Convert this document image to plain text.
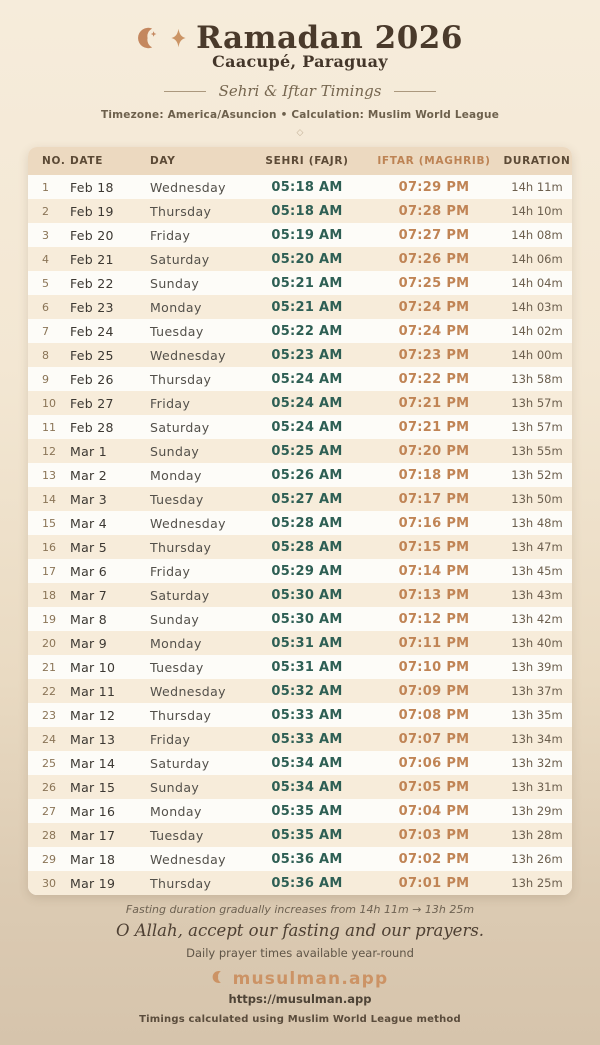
Ramadan 2026
Caacupé, Paraguay
Sehri & Iftar Timings
Timezone: America/Asuncion • Calculation: Muslim World League
◇
NO.	DATE	DAY	SEHRI (FAJR)	IFTAR (MAGHRIB)	DURATION
1	Feb 18	Wednesday	05:18 AM	07:29 PM	14h 11m
2	Feb 19	Thursday	05:18 AM	07:28 PM	14h 10m
3	Feb 20	Friday	05:19 AM	07:27 PM	14h 08m
4	Feb 21	Saturday	05:20 AM	07:26 PM	14h 06m
5	Feb 22	Sunday	05:21 AM	07:25 PM	14h 04m
6	Feb 23	Monday	05:21 AM	07:24 PM	14h 03m
7	Feb 24	Tuesday	05:22 AM	07:24 PM	14h 02m
8	Feb 25	Wednesday	05:23 AM	07:23 PM	14h 00m
9	Feb 26	Thursday	05:24 AM	07:22 PM	13h 58m
10	Feb 27	Friday	05:24 AM	07:21 PM	13h 57m
11	Feb 28	Saturday	05:24 AM	07:21 PM	13h 57m
12	Mar 1	Sunday	05:25 AM	07:20 PM	13h 55m
13	Mar 2	Monday	05:26 AM	07:18 PM	13h 52m
14	Mar 3	Tuesday	05:27 AM	07:17 PM	13h 50m
15	Mar 4	Wednesday	05:28 AM	07:16 PM	13h 48m
16	Mar 5	Thursday	05:28 AM	07:15 PM	13h 47m
17	Mar 6	Friday	05:29 AM	07:14 PM	13h 45m
18	Mar 7	Saturday	05:30 AM	07:13 PM	13h 43m
19	Mar 8	Sunday	05:30 AM	07:12 PM	13h 42m
20	Mar 9	Monday	05:31 AM	07:11 PM	13h 40m
21	Mar 10	Tuesday	05:31 AM	07:10 PM	13h 39m
22	Mar 11	Wednesday	05:32 AM	07:09 PM	13h 37m
23	Mar 12	Thursday	05:33 AM	07:08 PM	13h 35m
24	Mar 13	Friday	05:33 AM	07:07 PM	13h 34m
25	Mar 14	Saturday	05:34 AM	07:06 PM	13h 32m
26	Mar 15	Sunday	05:34 AM	07:05 PM	13h 31m
27	Mar 16	Monday	05:35 AM	07:04 PM	13h 29m
28	Mar 17	Tuesday	05:35 AM	07:03 PM	13h 28m
29	Mar 18	Wednesday	05:36 AM	07:02 PM	13h 26m
30	Mar 19	Thursday	05:36 AM	07:01 PM	13h 25m
Fasting duration gradually increases from 14h 11m → 13h 25m
O Allah, accept our fasting and our prayers.
Daily prayer times available year-round
musulman.app
https://musulman.app
Timings calculated using Muslim World League method
